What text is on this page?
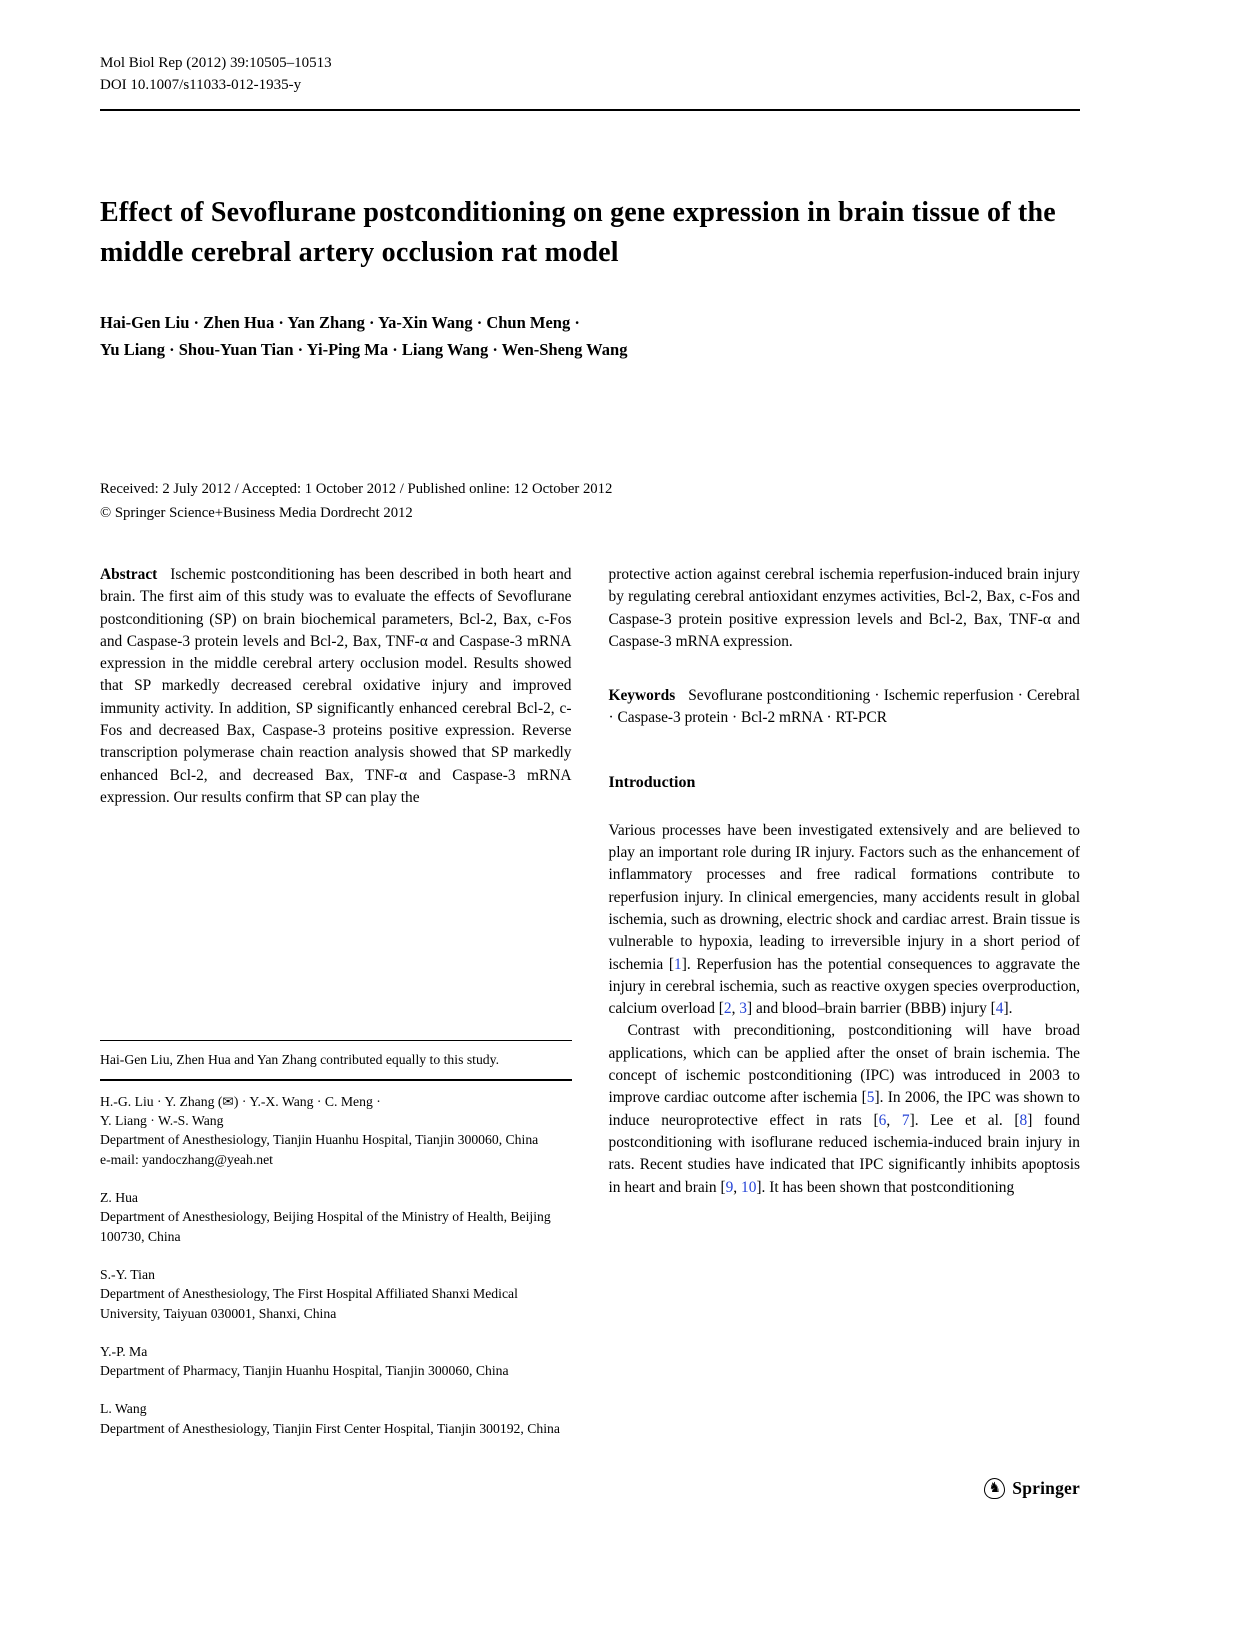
Mol Biol Rep (2012) 39:10505–10513
DOI 10.1007/s11033-012-1935-y
Effect of Sevoflurane postconditioning on gene expression in brain tissue of the middle cerebral artery occlusion rat model
Hai-Gen Liu · Zhen Hua · Yan Zhang · Ya-Xin Wang · Chun Meng ·
Yu Liang · Shou-Yuan Tian · Yi-Ping Ma · Liang Wang · Wen-Sheng Wang
Received: 2 July 2012 / Accepted: 1 October 2012 / Published online: 12 October 2012
© Springer Science+Business Media Dordrecht 2012

Abstract Ischemic postconditioning has been described in both heart and brain. The first aim of this study was to evaluate the effects of Sevoflurane postconditioning (SP) on brain biochemical parameters, Bcl-2, Bax, c-Fos and Caspase-3 protein levels and Bcl-2, Bax, TNF-α and Caspase-3 mRNA expression in the middle cerebral artery occlusion model. Results showed that SP markedly decreased cerebral oxidative injury and improved immunity activity. In addition, SP significantly enhanced cerebral Bcl-2, c-Fos and decreased Bax, Caspase-3 proteins positive expression. Reverse transcription polymerase chain reaction analysis showed that SP markedly enhanced Bcl-2, and decreased Bax, TNF-α and Caspase-3 mRNA expression. Our results confirm that SP can play the

Hai-Gen Liu, Zhen Hua and Yan Zhang contributed equally to this study.

H.-G. Liu · Y. Zhang (✉) · Y.-X. Wang · C. Meng ·
Y. Liang · W.-S. Wang
Department of Anesthesiology, Tianjin Huanhu Hospital, Tianjin 300060, China
e-mail: yandoczhang@yeah.net

Z. Hua
Department of Anesthesiology, Beijing Hospital of the Ministry of Health, Beijing 100730, China

S.-Y. Tian
Department of Anesthesiology, The First Hospital Affiliated Shanxi Medical University, Taiyuan 030001, Shanxi, China

Y.-P. Ma
Department of Pharmacy, Tianjin Huanhu Hospital, Tianjin 300060, China

L. Wang
Department of Anesthesiology, Tianjin First Center Hospital, Tianjin 300192, China

protective action against cerebral ischemia reperfusion-induced brain injury by regulating cerebral antioxidant enzymes activities, Bcl-2, Bax, c-Fos and Caspase-3 protein positive expression levels and Bcl-2, Bax, TNF-α and Caspase-3 mRNA expression.

Keywords Sevoflurane postconditioning · Ischemic reperfusion · Cerebral · Caspase-3 protein · Bcl-2 mRNA · RT-PCR

Introduction

Various processes have been investigated extensively and are believed to play an important role during IR injury. Factors such as the enhancement of inflammatory processes and free radical formations contribute to reperfusion injury. In clinical emergencies, many accidents result in global ischemia, such as drowning, electric shock and cardiac arrest. Brain tissue is vulnerable to hypoxia, leading to irreversible injury in a short period of ischemia [1]. Reperfusion has the potential consequences to aggravate the injury in cerebral ischemia, such as reactive oxygen species overproduction, calcium overload [2, 3] and blood–brain barrier (BBB) injury [4].

Contrast with preconditioning, postconditioning will have broad applications, which can be applied after the onset of brain ischemia. The concept of ischemic postconditioning (IPC) was introduced in 2003 to improve cardiac outcome after ischemia [5]. In 2006, the IPC was shown to induce neuroprotective effect in rats [6, 7]. Lee et al. [8] found postconditioning with isoflurane reduced ischemia-induced brain injury in rats. Recent studies have indicated that IPC significantly inhibits apoptosis in heart and brain [9, 10]. It has been shown that postconditioning

♞ Springer
